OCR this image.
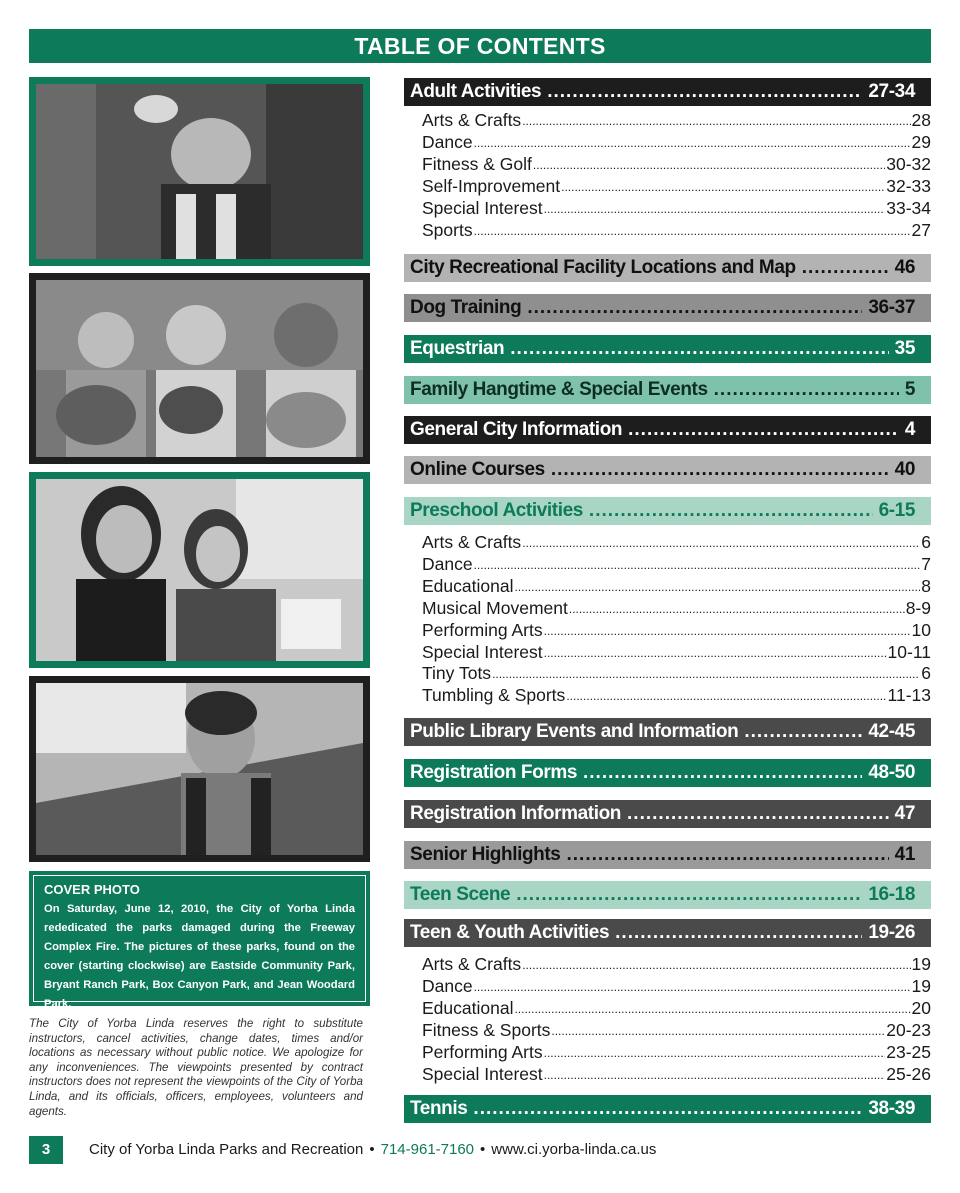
TABLE OF CONTENTS
COVER PHOTO
On Saturday, June 12, 2010, the City of Yorba Linda rededicated the parks damaged during the Freeway Complex Fire. The pictures of these parks, found on the cover (starting clockwise) are Eastside Community Park, Bryant Ranch Park, Box Canyon Park, and Jean Woodard Park.
The City of Yorba Linda reserves the right to substitute instructors, cancel activities, change dates, times and/or locations as necessary without public notice. We apologize for any inconveniences. The viewpoints presented by contract instructors does not represent the viewpoints of the City of Yorba Linda, and its officials, officers, employees, volunteers and agents.
Adult Activities .....	27-34
Arts & Crafts .....	28
Dance .....	29
Fitness & Golf .....	30-32
Self-Improvement .....	32-33
Special Interest .....	33-34
Sports .....	27
City Recreational Facility Locations and Map .....	46
Dog Training .....	36-37
Equestrian .....	35
Family Hangtime & Special Events .....	5
General City Information .....	4
Online Courses .....	40
Preschool Activities .....	6-15
Arts & Crafts .....	6
Dance .....	7
Educational .....	8
Musical Movement .....	8-9
Performing Arts .....	10
Special Interest .....	10-11
Tiny Tots .....	6
Tumbling & Sports .....	11-13
Public Library Events and Information .....	42-45
Registration Forms .....	48-50
Registration Information .....	47
Senior Highlights .....	41
Teen Scene .....	16-18
Teen & Youth Activities .....	19-26
Arts & Crafts .....	19
Dance .....	19
Educational .....	20
Fitness & Sports .....	20-23
Performing Arts .....	23-25
Special Interest .....	25-26
Tennis .....	38-39
3	City of Yorba Linda Parks and Recreation • 714-961-7160 • www.ci.yorba-linda.ca.us
